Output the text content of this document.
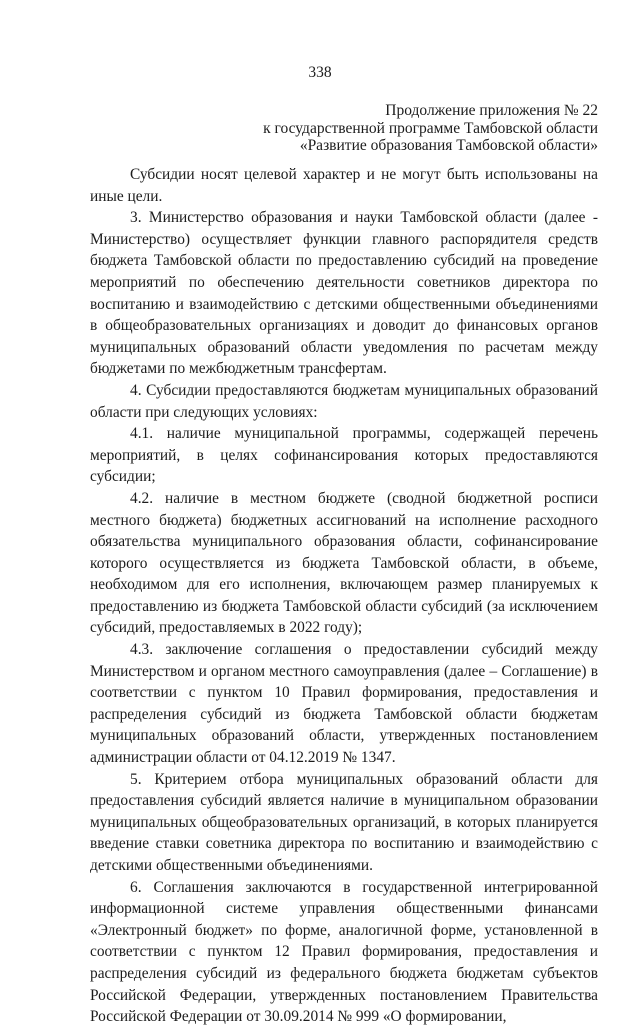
338
Продолжение приложения № 22
к государственной программе Тамбовской области
«Развитие образования Тамбовской области»

Субсидии носят целевой характер и не могут быть использованы на иные цели.

3. Министерство образования и науки Тамбовской области (далее - Министерство) осуществляет функции главного распорядителя средств бюджета Тамбовской области по предоставлению субсидий на проведение мероприятий по обеспечению деятельности советников директора по воспитанию и взаимодействию с детскими общественными объединениями в общеобразовательных организациях и доводит до финансовых органов муниципальных образований области уведомления по расчетам между бюджетами по межбюджетным трансфертам.

4. Субсидии предоставляются бюджетам муниципальных образований области при следующих условиях:

4.1. наличие муниципальной программы, содержащей перечень мероприятий, в целях софинансирования которых предоставляются субсидии;

4.2. наличие в местном бюджете (сводной бюджетной росписи местного бюджета) бюджетных ассигнований на исполнение расходного обязательства муниципального образования области, софинансирование которого осуществляется из бюджета Тамбовской области, в объеме, необходимом для его исполнения, включающем размер планируемых к предоставлению из бюджета Тамбовской области субсидий (за исключением субсидий, предоставляемых в 2022 году);

4.3. заключение соглашения о предоставлении субсидий между Министерством и органом местного самоуправления (далее – Соглашение) в соответствии с пунктом 10 Правил формирования, предоставления и распределения субсидий из бюджета Тамбовской области бюджетам муниципальных образований области, утвержденных постановлением администрации области от 04.12.2019 № 1347.

5. Критерием отбора муниципальных образований области для предоставления субсидий является наличие в муниципальном образовании муниципальных общеобразовательных организаций, в которых планируется введение ставки советника директора по воспитанию и взаимодействию с детскими общественными объединениями.

6. Соглашения заключаются в государственной интегрированной информационной системе управления общественными финансами «Электронный бюджет» по форме, аналогичной форме, установленной в соответствии с пунктом 12 Правил формирования, предоставления и распределения субсидий из федерального бюджета бюджетам субъектов Российской Федерации, утвержденных постановлением Правительства Российской Федерации от 30.09.2014 № 999 «О формировании,
